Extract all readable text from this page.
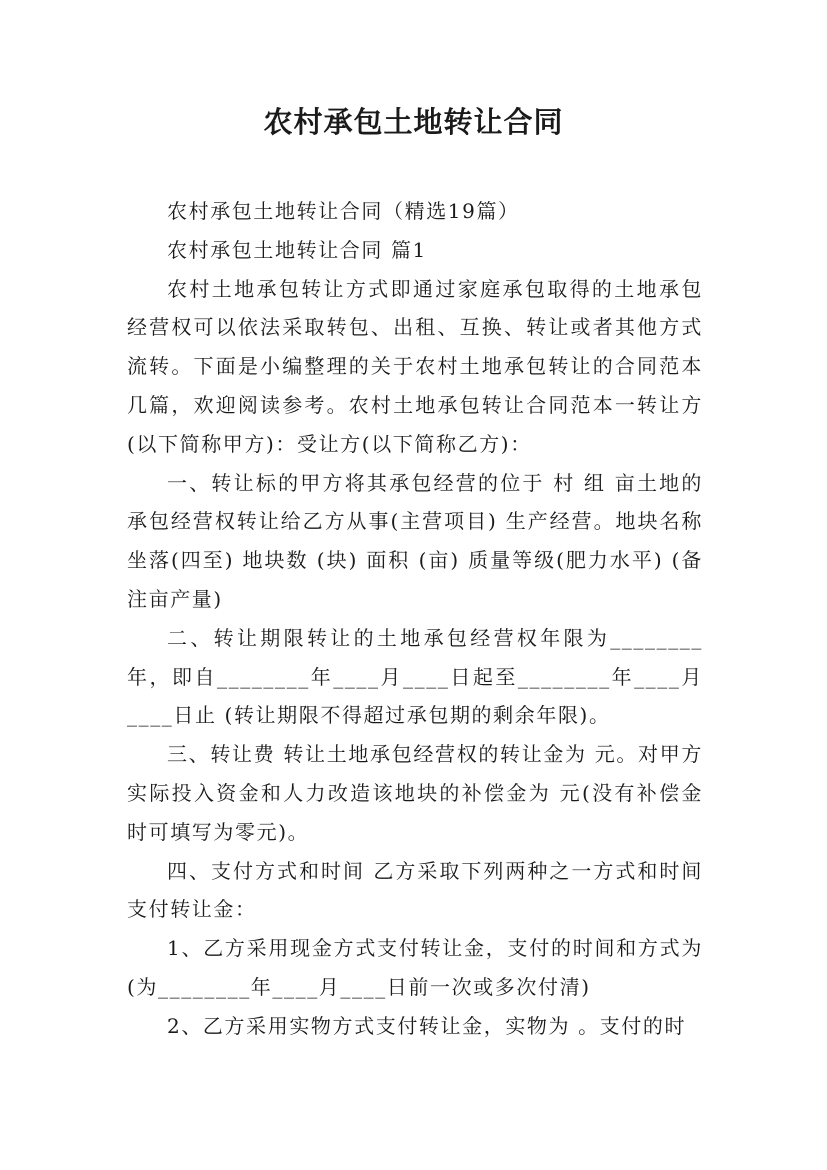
农村承包土地转让合同

农村承包土地转让合同（精选19篇）

农村承包土地转让合同 篇1

农村土地承包转让方式即通过家庭承包取得的土地承包经营权可以依法采取转包、出租、互换、转让或者其他方式流转。下面是小编整理的关于农村土地承包转让的合同范本几篇，欢迎阅读参考。农村土地承包转让合同范本一转让方(以下简称甲方)：受让方(以下简称乙方)：

一、转让标的甲方将其承包经营的位于 村 组 亩土地的承包经营权转让给乙方从事(主营项目) 生产经营。地块名称 坐落(四至) 地块数 (块) 面积 (亩) 质量等级(肥力水平) (备注亩产量)

二、转让期限转让的土地承包经营权年限为________年，即自________年____月____日起至________年____月____日止 (转让期限不得超过承包期的剩余年限)。

三、转让费 转让土地承包经营权的转让金为 元。对甲方实际投入资金和人力改造该地块的补偿金为 元(没有补偿金时可填写为零元)。

四、支付方式和时间 乙方采取下列两种之一方式和时间支付转让金：

1、乙方采用现金方式支付转让金，支付的时间和方式为 (为________年____月____日前一次或多次付清)

2、乙方采用实物方式支付转让金，实物为 。支付的时
